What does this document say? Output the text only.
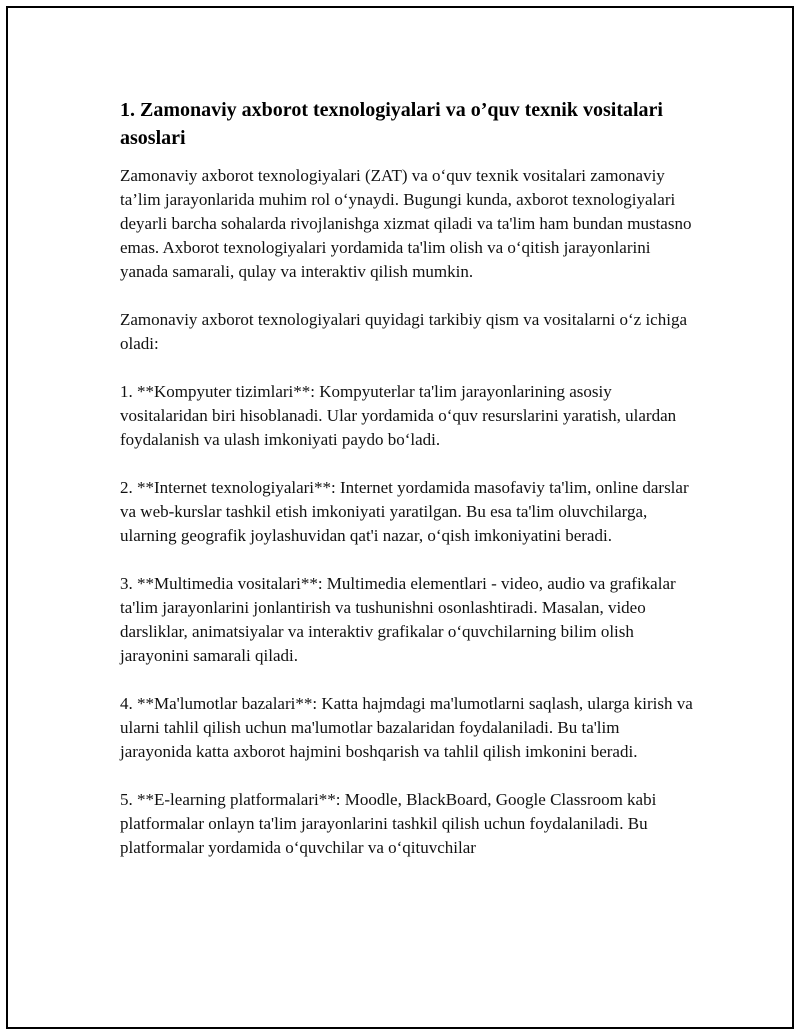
1. Zamonaviy axborot texnologiyalari va o’quv texnik vositalari asoslari

Zamonaviy axborot texnologiyalari (ZAT) va o‘quv texnik vositalari zamonaviy ta’lim jarayonlarida muhim rol o‘ynaydi. Bugungi kunda, axborot texnologiyalari deyarli barcha sohalarda rivojlanishga xizmat qiladi va ta'lim ham bundan mustasno emas. Axborot texnologiyalari yordamida ta'lim olish va o‘qitish jarayonlarini yanada samarali, qulay va interaktiv qilish mumkin.

Zamonaviy axborot texnologiyalari quyidagi tarkibiy qism va vositalarni o‘z ichiga oladi:

1. **Kompyuter tizimlari**: Kompyuterlar ta'lim jarayonlarining asosiy vositalaridan biri hisoblanadi. Ular yordamida o‘quv resurslarini yaratish, ulardan foydalanish va ulash imkoniyati paydo bo‘ladi.

2. **Internet texnologiyalari**: Internet yordamida masofaviy ta'lim, online darslar va web-kurslar tashkil etish imkoniyati yaratilgan. Bu esa ta'lim oluvchilarga, ularning geografik joylashuvidan qat'i nazar, o‘qish imkoniyatini beradi.

3. **Multimedia vositalari**: Multimedia elementlari - video, audio va grafikalar ta'lim jarayonlarini jonlantirish va tushunishni osonlashtiradi. Masalan, video darsliklar, animatsiyalar va interaktiv grafikalar o‘quvchilarning bilim olish jarayonini samarali qiladi.

4. **Ma'lumotlar bazalari**: Katta hajmdagi ma'lumotlarni saqlash, ularga kirish va ularni tahlil qilish uchun ma'lumotlar bazalaridan foydalaniladi. Bu ta'lim jarayonida katta axborot hajmini boshqarish va tahlil qilish imkonini beradi.

5. **E-learning platformalari**: Moodle, BlackBoard, Google Classroom kabi platformalar onlayn ta'lim jarayonlarini tashkil qilish uchun foydalaniladi. Bu platformalar yordamida o‘quvchilar va o‘qituvchilar
